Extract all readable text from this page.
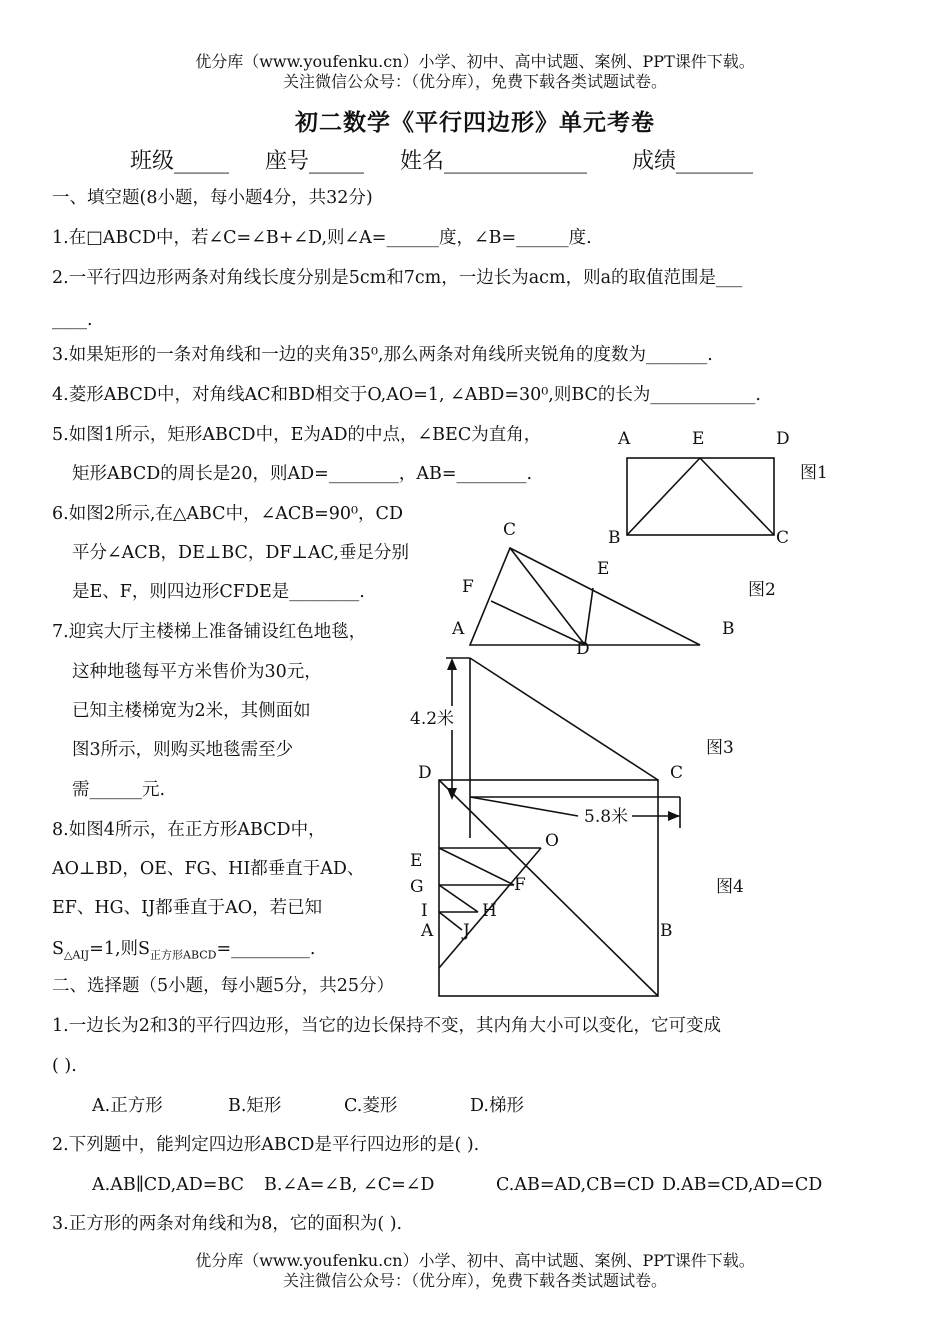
优分库（www.youfenku.cn）小学、初中、高中试题、案例、PPT课件下载。
关注微信公众号：（优分库），免费下载各类试题试卷。
初二数学《平行四边形》单元考卷
班级_____ 座号_____ 姓名_____________ 成绩_______
一、填空题(8小题，每小题4分，共32分)
1.在□ABCD中，若∠C=∠B+∠D,则∠A=______度，∠B=______度.
2.一平行四边形两条对角线长度分别是5cm和7cm，一边长为acm，则a的取值范围是___
____.
3.如果矩形的一条对角线和一边的夹角35⁰,那么两条对角线所夹锐角的度数为_______.
4.菱形ABCD中，对角线AC和BD相交于O,AO=1, ∠ABD=30⁰,则BC的长为____________.
5.如图1所示，矩形ABCD中，E为AD的中点，∠BEC为直角，
矩形ABCD的周长是20，则AD=________，AB=________.
6.如图2所示,在△ABC中，∠ACB=90⁰，CD
平分∠ACB，DE⊥BC，DF⊥AC,垂足分别
是E、F，则四边形CFDE是________.
7.迎宾大厅主楼梯上准备铺设红色地毯，
这种地毯每平方米售价为30元，
已知主楼梯宽为2米，其侧面如
图3所示，则购买地毯需至少
需______元.
8.如图4所示，在正方形ABCD中，
AO⊥BD，OE、FG、HI都垂直于AD、
EF、HG、IJ都垂直于AO，若已知
$S_{\triangle AIJ}=1$,则$S_{正方形ABCD}=\_\_\_\_\_\_\_\_\_$.
二、选择题（5小题，每小题5分，共25分）
1.一边长为2和3的平行四边形，当它的边长保持不变，其内角大小可以变化，它可变成
( ).
A.正方形	B.矩形	C.菱形	D.梯形
2.下列题中，能判定四边形ABCD是平行四边形的是( ).
A.AB∥CD,AD=BC B.∠A=∠B, ∠C=∠D	C.AB=AD,CB=CD D.AB=CD,AD=CD
3.正方形的两条对角线和为8，它的面积为( ).
优分库（www.youfenku.cn）小学、初中、高中试题、案例、PPT课件下载。
关注微信公众号：（优分库），免费下载各类试题试卷。
A	E	D
B	C
图1
C
E
F
A	B
D
图2
4.2米
5.8米
D	C
图3
O
E
F
G
I	H
A J	B
图4
